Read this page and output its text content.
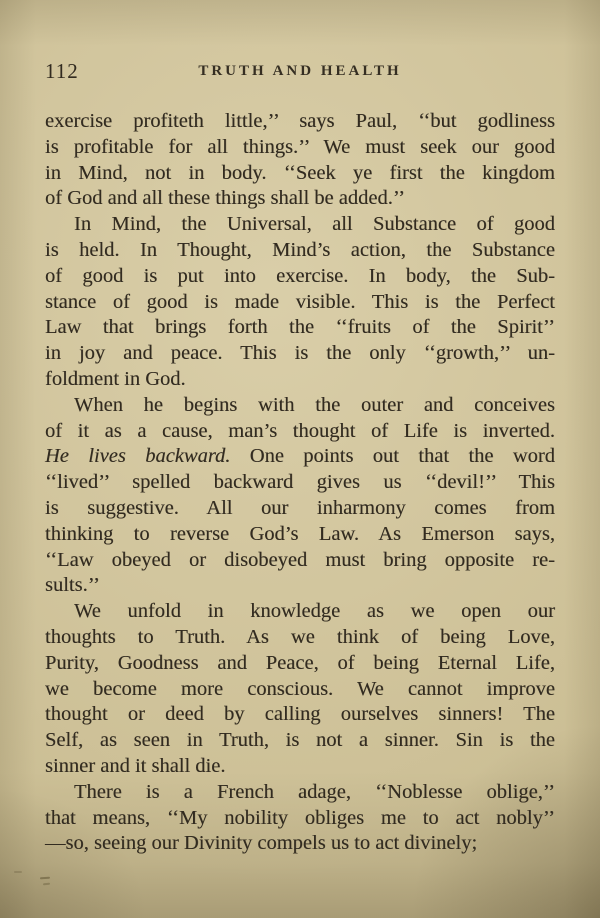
112	TRUTH AND HEALTH
exercise profiteth little,’’ says Paul, ‘‘but godliness
is profitable for all things.’’ We must seek our good
in Mind, not in body. ‘‘Seek ye first the kingdom
of God and all these things shall be added.’’
In Mind, the Universal, all Substance of good
is held. In Thought, Mind’s action, the Substance
of good is put into exercise. In body, the Sub-
stance of good is made visible. This is the Perfect
Law that brings forth the ‘‘fruits of the Spirit’’
in joy and peace. This is the only ‘‘growth,’’ un-
foldment in God.
When he begins with the outer and conceives
of it as a cause, man’s thought of Life is inverted.
He lives backward. One points out that the word
‘‘lived’’ spelled backward gives us ‘‘devil!’’ This
is suggestive. All our inharmony comes from
thinking to reverse God’s Law. As Emerson says,
‘‘Law obeyed or disobeyed must bring opposite re-
sults.’’
We unfold in knowledge as we open our
thoughts to Truth. As we think of being Love,
Purity, Goodness and Peace, of being Eternal Life,
we become more conscious. We cannot improve
thought or deed by calling ourselves sinners! The
Self, as seen in Truth, is not a sinner. Sin is the
sinner and it shall die.
There is a French adage, ‘‘Noblesse oblige,’’
that means, ‘‘My nobility obliges me to act nobly’’
—so, seeing our Divinity compels us to act divinely;
